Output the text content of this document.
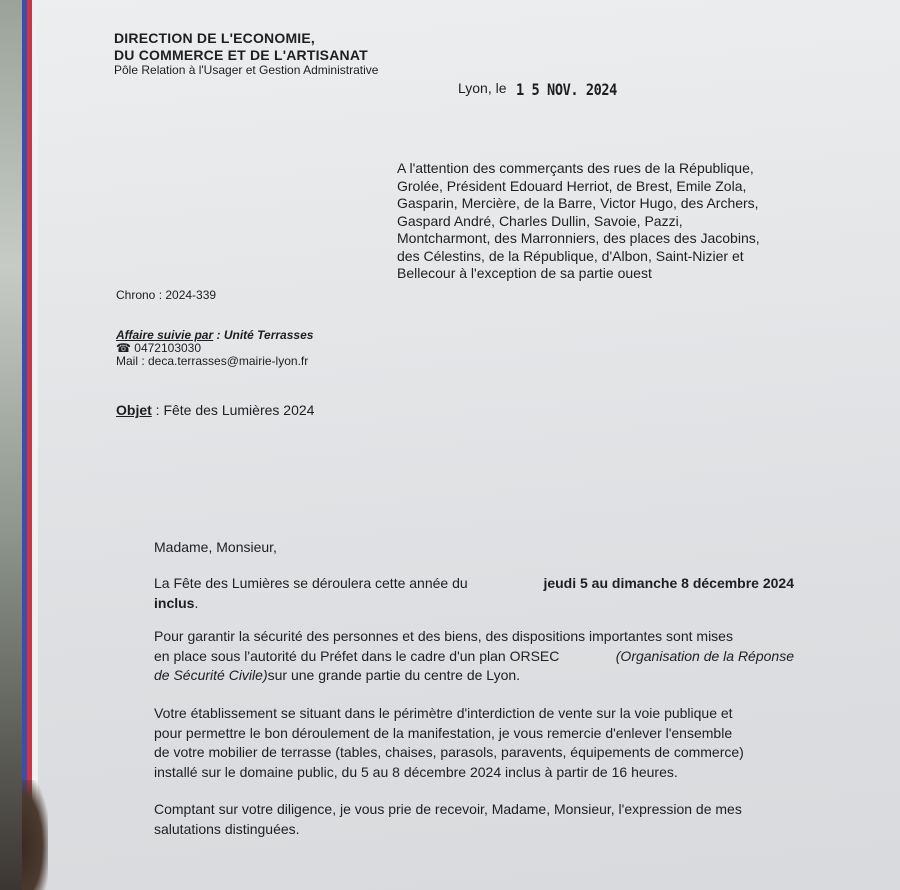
DIRECTION DE L'ECONOMIE,
DU COMMERCE ET DE L'ARTISANAT
Pôle Relation à l'Usager et Gestion Administrative
Lyon, le 1 5 NOV. 2024
A l'attention des commerçants des rues de la République,
Grolée, Président Edouard Herriot, de Brest, Emile Zola,
Gasparin, Mercière, de la Barre, Victor Hugo, des Archers,
Gaspard André, Charles Dullin, Savoie, Pazzi,
Montcharmont, des Marronniers, des places des Jacobins,
des Célestins, de la République, d'Albon, Saint-Nizier et
Bellecour à l'exception de sa partie ouest
Chrono : 2024-339
Affaire suivie par : Unité Terrasses
☎ 0472103030
Mail : deca.terrasses@mairie-lyon.fr
Objet : Fête des Lumières 2024
Madame, Monsieur,
La Fête des Lumières se déroulera cette année du	jeudi 5 au dimanche 8 décembre 2024
inclus .
Pour garantir la sécurité des personnes et des biens, des dispositions importantes sont mises
en place sous l'autorité du Préfet dans le cadre d'un plan ORSEC	(Organisation de la Réponse
de Sécurité Civile) sur une grande partie du centre de Lyon.
Votre établissement se situant dans le périmètre d'interdiction de vente sur la voie publique et
pour permettre le bon déroulement de la manifestation, je vous remercie d'enlever l'ensemble
de votre mobilier de terrasse (tables, chaises, parasols, paravents, équipements de commerce)
installé sur le domaine public, du 5 au 8 décembre 2024 inclus à partir de 16 heures.
Comptant sur votre diligence, je vous prie de recevoir, Madame, Monsieur, l'expression de mes
salutations distinguées.
